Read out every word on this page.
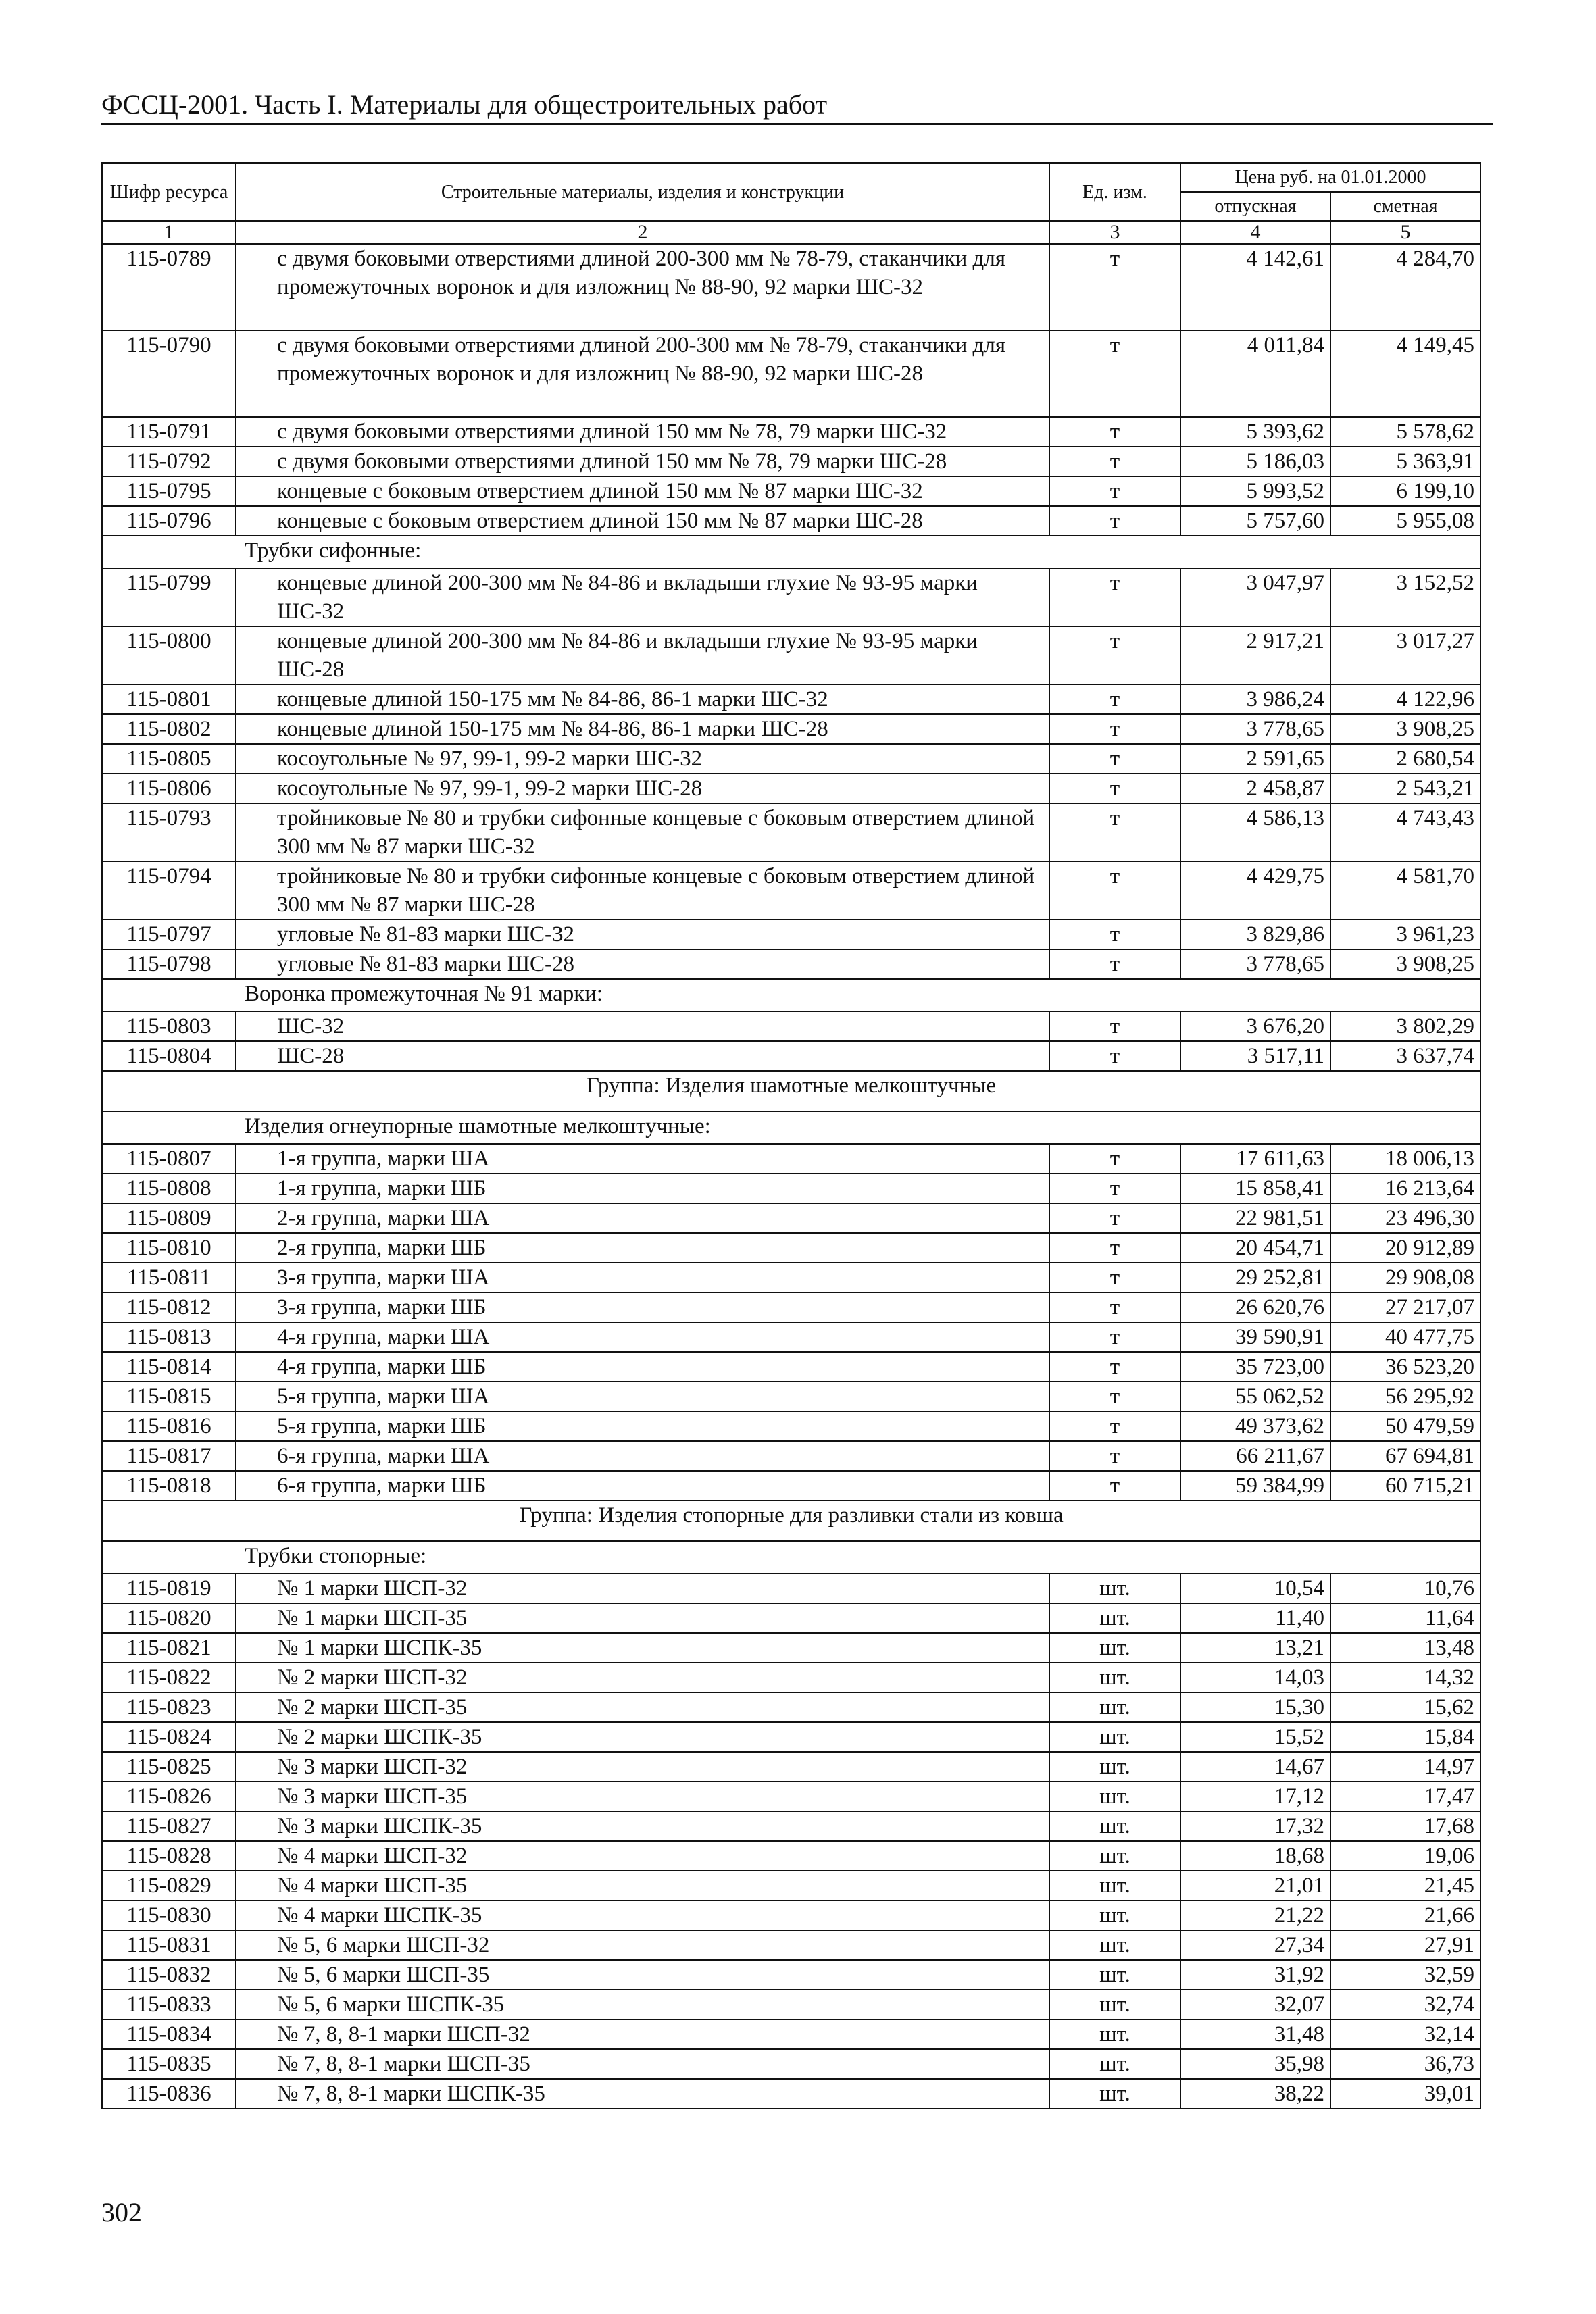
ФССЦ-2001. Часть I. Материалы для общестроительных работ
Шифр ресурса	Строительные материалы, изделия и конструкции	Ед. изм.	Цена руб. на 01.01.2000	
			отпускная	сметная
1	2	3	4	5
115-0789	с двумя боковыми отверстиями длиной 200-300 мм № 78-79, стаканчики для промежуточных воронок и для изложниц № 88-90, 92 марки ШС-32	т	4 142,61	4 284,70
115-0790	с двумя боковыми отверстиями длиной 200-300 мм № 78-79, стаканчики для промежуточных воронок и для изложниц № 88-90, 92 марки ШС-28	т	4 011,84	4 149,45
115-0791	с двумя боковыми отверстиями длиной 150 мм № 78, 79 марки ШС-32	т	5 393,62	5 578,62
115-0792	с двумя боковыми отверстиями длиной 150 мм № 78, 79 марки ШС-28	т	5 186,03	5 363,91
115-0795	концевые с боковым отверстием длиной 150 мм № 87 марки ШС-32	т	5 993,52	6 199,10
115-0796	концевые с боковым отверстием длиной 150 мм № 87 марки ШС-28	т	5 757,60	5 955,08
Трубки сифонные:				
115-0799	концевые длиной 200-300 мм № 84-86 и вкладыши глухие № 93-95 марки ШС-32	т	3 047,97	3 152,52
115-0800	концевые длиной 200-300 мм № 84-86 и вкладыши глухие № 93-95 марки ШС-28	т	2 917,21	3 017,27
115-0801	концевые длиной 150-175 мм № 84-86, 86-1 марки ШС-32	т	3 986,24	4 122,96
115-0802	концевые длиной 150-175 мм № 84-86, 86-1 марки ШС-28	т	3 778,65	3 908,25
115-0805	косоугольные № 97, 99-1, 99-2 марки ШС-32	т	2 591,65	2 680,54
115-0806	косоугольные № 97, 99-1, 99-2 марки ШС-28	т	2 458,87	2 543,21
115-0793	тройниковые № 80 и трубки сифонные концевые с боковым отверстием длиной 300 мм № 87 марки ШС-32	т	4 586,13	4 743,43
115-0794	тройниковые № 80 и трубки сифонные концевые с боковым отверстием длиной 300 мм № 87 марки ШС-28	т	4 429,75	4 581,70
115-0797	угловые № 81-83 марки ШС-32	т	3 829,86	3 961,23
115-0798	угловые № 81-83 марки ШС-28	т	3 778,65	3 908,25
Воронка промежуточная № 91 марки:				
115-0803	ШС-32	т	3 676,20	3 802,29
115-0804	ШС-28	т	3 517,11	3 637,74
Группа: Изделия шамотные мелкоштучные				
Изделия огнеупорные шамотные мелкоштучные:				
115-0807	1-я группа, марки ША	т	17 611,63	18 006,13
115-0808	1-я группа, марки ШБ	т	15 858,41	16 213,64
115-0809	2-я группа, марки ША	т	22 981,51	23 496,30
115-0810	2-я группа, марки ШБ	т	20 454,71	20 912,89
115-0811	3-я группа, марки ША	т	29 252,81	29 908,08
115-0812	3-я группа, марки ШБ	т	26 620,76	27 217,07
115-0813	4-я группа, марки ША	т	39 590,91	40 477,75
115-0814	4-я группа, марки ШБ	т	35 723,00	36 523,20
115-0815	5-я группа, марки ША	т	55 062,52	56 295,92
115-0816	5-я группа, марки ШБ	т	49 373,62	50 479,59
115-0817	6-я группа, марки ША	т	66 211,67	67 694,81
115-0818	6-я группа, марки ШБ	т	59 384,99	60 715,21
Группа: Изделия стопорные для разливки стали из ковша				
Трубки стопорные:				
115-0819	№ 1 марки ШСП-32	шт.	10,54	10,76
115-0820	№ 1 марки ШСП-35	шт.	11,40	11,64
115-0821	№ 1 марки ШСПК-35	шт.	13,21	13,48
115-0822	№ 2 марки ШСП-32	шт.	14,03	14,32
115-0823	№ 2 марки ШСП-35	шт.	15,30	15,62
115-0824	№ 2 марки ШСПК-35	шт.	15,52	15,84
115-0825	№ 3 марки ШСП-32	шт.	14,67	14,97
115-0826	№ 3 марки ШСП-35	шт.	17,12	17,47
115-0827	№ 3 марки ШСПК-35	шт.	17,32	17,68
115-0828	№ 4 марки ШСП-32	шт.	18,68	19,06
115-0829	№ 4 марки ШСП-35	шт.	21,01	21,45
115-0830	№ 4 марки ШСПК-35	шт.	21,22	21,66
115-0831	№ 5, 6 марки ШСП-32	шт.	27,34	27,91
115-0832	№ 5, 6 марки ШСП-35	шт.	31,92	32,59
115-0833	№ 5, 6 марки ШСПК-35	шт.	32,07	32,74
115-0834	№ 7, 8, 8-1 марки ШСП-32	шт.	31,48	32,14
115-0835	№ 7, 8, 8-1 марки ШСП-35	шт.	35,98	36,73
115-0836	№ 7, 8, 8-1 марки ШСПК-35	шт.	38,22	39,01
302
